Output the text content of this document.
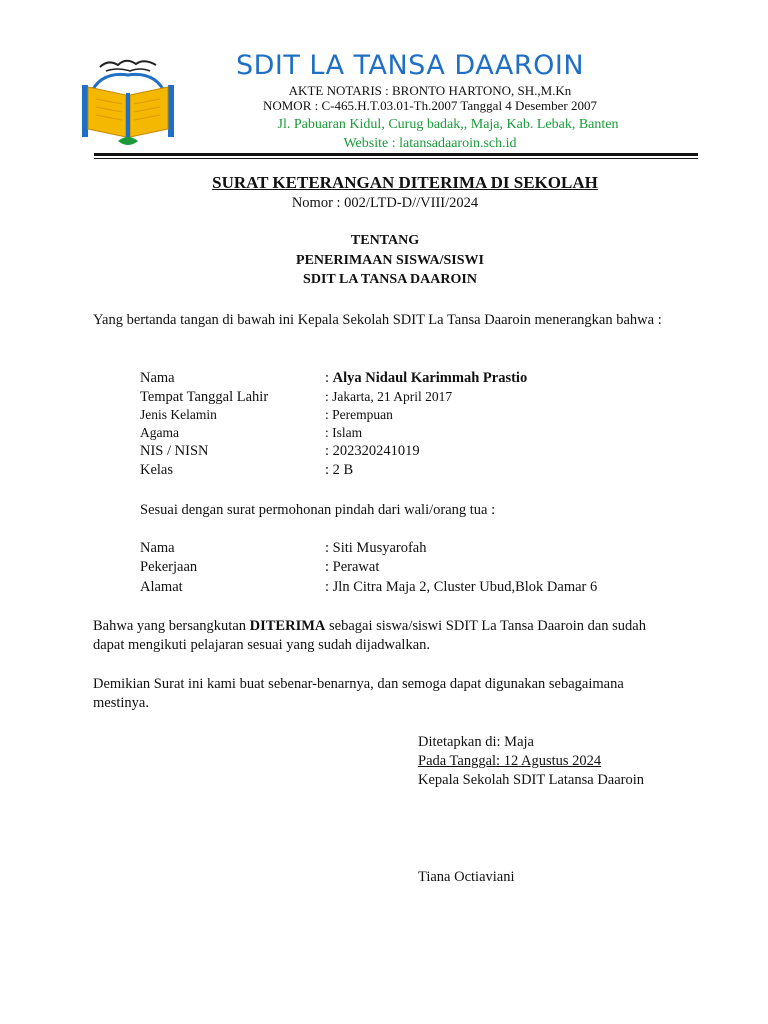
SDIT LA TANSA DAAROIN
AKTE NOTARIS : BRONTO HARTONO, SH.,M.Kn
NOMOR : C-465.H.T.03.01-Th.2007 Tanggal 4 Desember 2007
Jl. Pabuaran Kidul, Curug badak,, Maja, Kab. Lebak, Banten
Website : latansadaaroin.sch.id
SURAT KETERANGAN DITERIMA DI SEKOLAH
Nomor : 002/LTD-D//VIII/2024
TENTANG
PENERIMAAN SISWA/SISWI
SDIT LA TANSA DAAROIN
Yang bertanda tangan di bawah ini Kepala Sekolah SDIT La Tansa Daaroin menerangkan bahwa :
Nama	: Alya Nidaul Karimmah Prastio
Tempat Tanggal Lahir	: Jakarta, 21 April 2017
Jenis Kelamin	: Perempuan
Agama	: Islam
NIS / NISN	: 202320241019
Kelas	: 2 B
Sesuai dengan surat permohonan pindah dari wali/orang tua :
Nama	: Siti Musyarofah
Pekerjaan	: Perawat
Alamat	: Jln Citra Maja 2, Cluster Ubud,Blok Damar 6
Bahwa yang bersangkutan DITERIMA sebagai siswa/siswi SDIT La Tansa Daaroin dan sudah dapat mengikuti pelajaran sesuai yang sudah dijadwalkan.
Demikian Surat ini kami buat sebenar-benarnya, dan semoga dapat digunakan sebagaimana mestinya.
Ditetapkan di: Maja
Pada Tanggal: 12 Agustus 2024
Kepala Sekolah SDIT Latansa Daaroin
Tiana Octiaviani
